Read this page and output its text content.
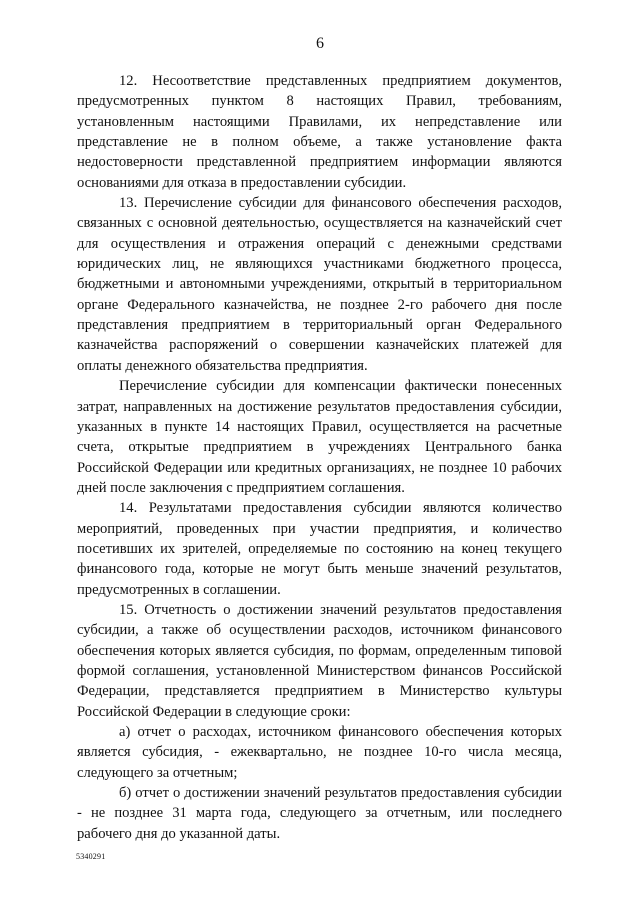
6

12. Несоответствие представленных предприятием документов, предусмотренных пунктом 8 настоящих Правил, требованиям, установленным настоящими Правилами, их непредставление или представление не в полном объеме, а также установление факта недостоверности представленной предприятием информации являются основаниями для отказа в предоставлении субсидии.

13. Перечисление субсидии для финансового обеспечения расходов, связанных с основной деятельностью, осуществляется на казначейский счет для осуществления и отражения операций с денежными средствами юридических лиц, не являющихся участниками бюджетного процесса, бюджетными и автономными учреждениями, открытый в территориальном органе Федерального казначейства, не позднее 2-го рабочего дня после представления предприятием в территориальный орган Федерального казначейства распоряжений о совершении казначейских платежей для оплаты денежного обязательства предприятия.

Перечисление субсидии для компенсации фактически понесенных затрат, направленных на достижение результатов предоставления субсидии, указанных в пункте 14 настоящих Правил, осуществляется на расчетные счета, открытые предприятием в учреждениях Центрального банка Российской Федерации или кредитных организациях, не позднее 10 рабочих дней после заключения с предприятием соглашения.

14. Результатами предоставления субсидии являются количество мероприятий, проведенных при участии предприятия, и количество посетивших их зрителей, определяемые по состоянию на конец текущего финансового года, которые не могут быть меньше значений результатов, предусмотренных в соглашении.

15. Отчетность о достижении значений результатов предоставления субсидии, а также об осуществлении расходов, источником финансового обеспечения которых является субсидия, по формам, определенным типовой формой соглашения, установленной Министерством финансов Российской Федерации, представляется предприятием в Министерство культуры Российской Федерации в следующие сроки:

а) отчет о расходах, источником финансового обеспечения которых является субсидия, - ежеквартально, не позднее 10-го числа месяца, следующего за отчетным;

б) отчет о достижении значений результатов предоставления субсидии - не позднее 31 марта года, следующего за отчетным, или последнего рабочего дня до указанной даты.

5340291
